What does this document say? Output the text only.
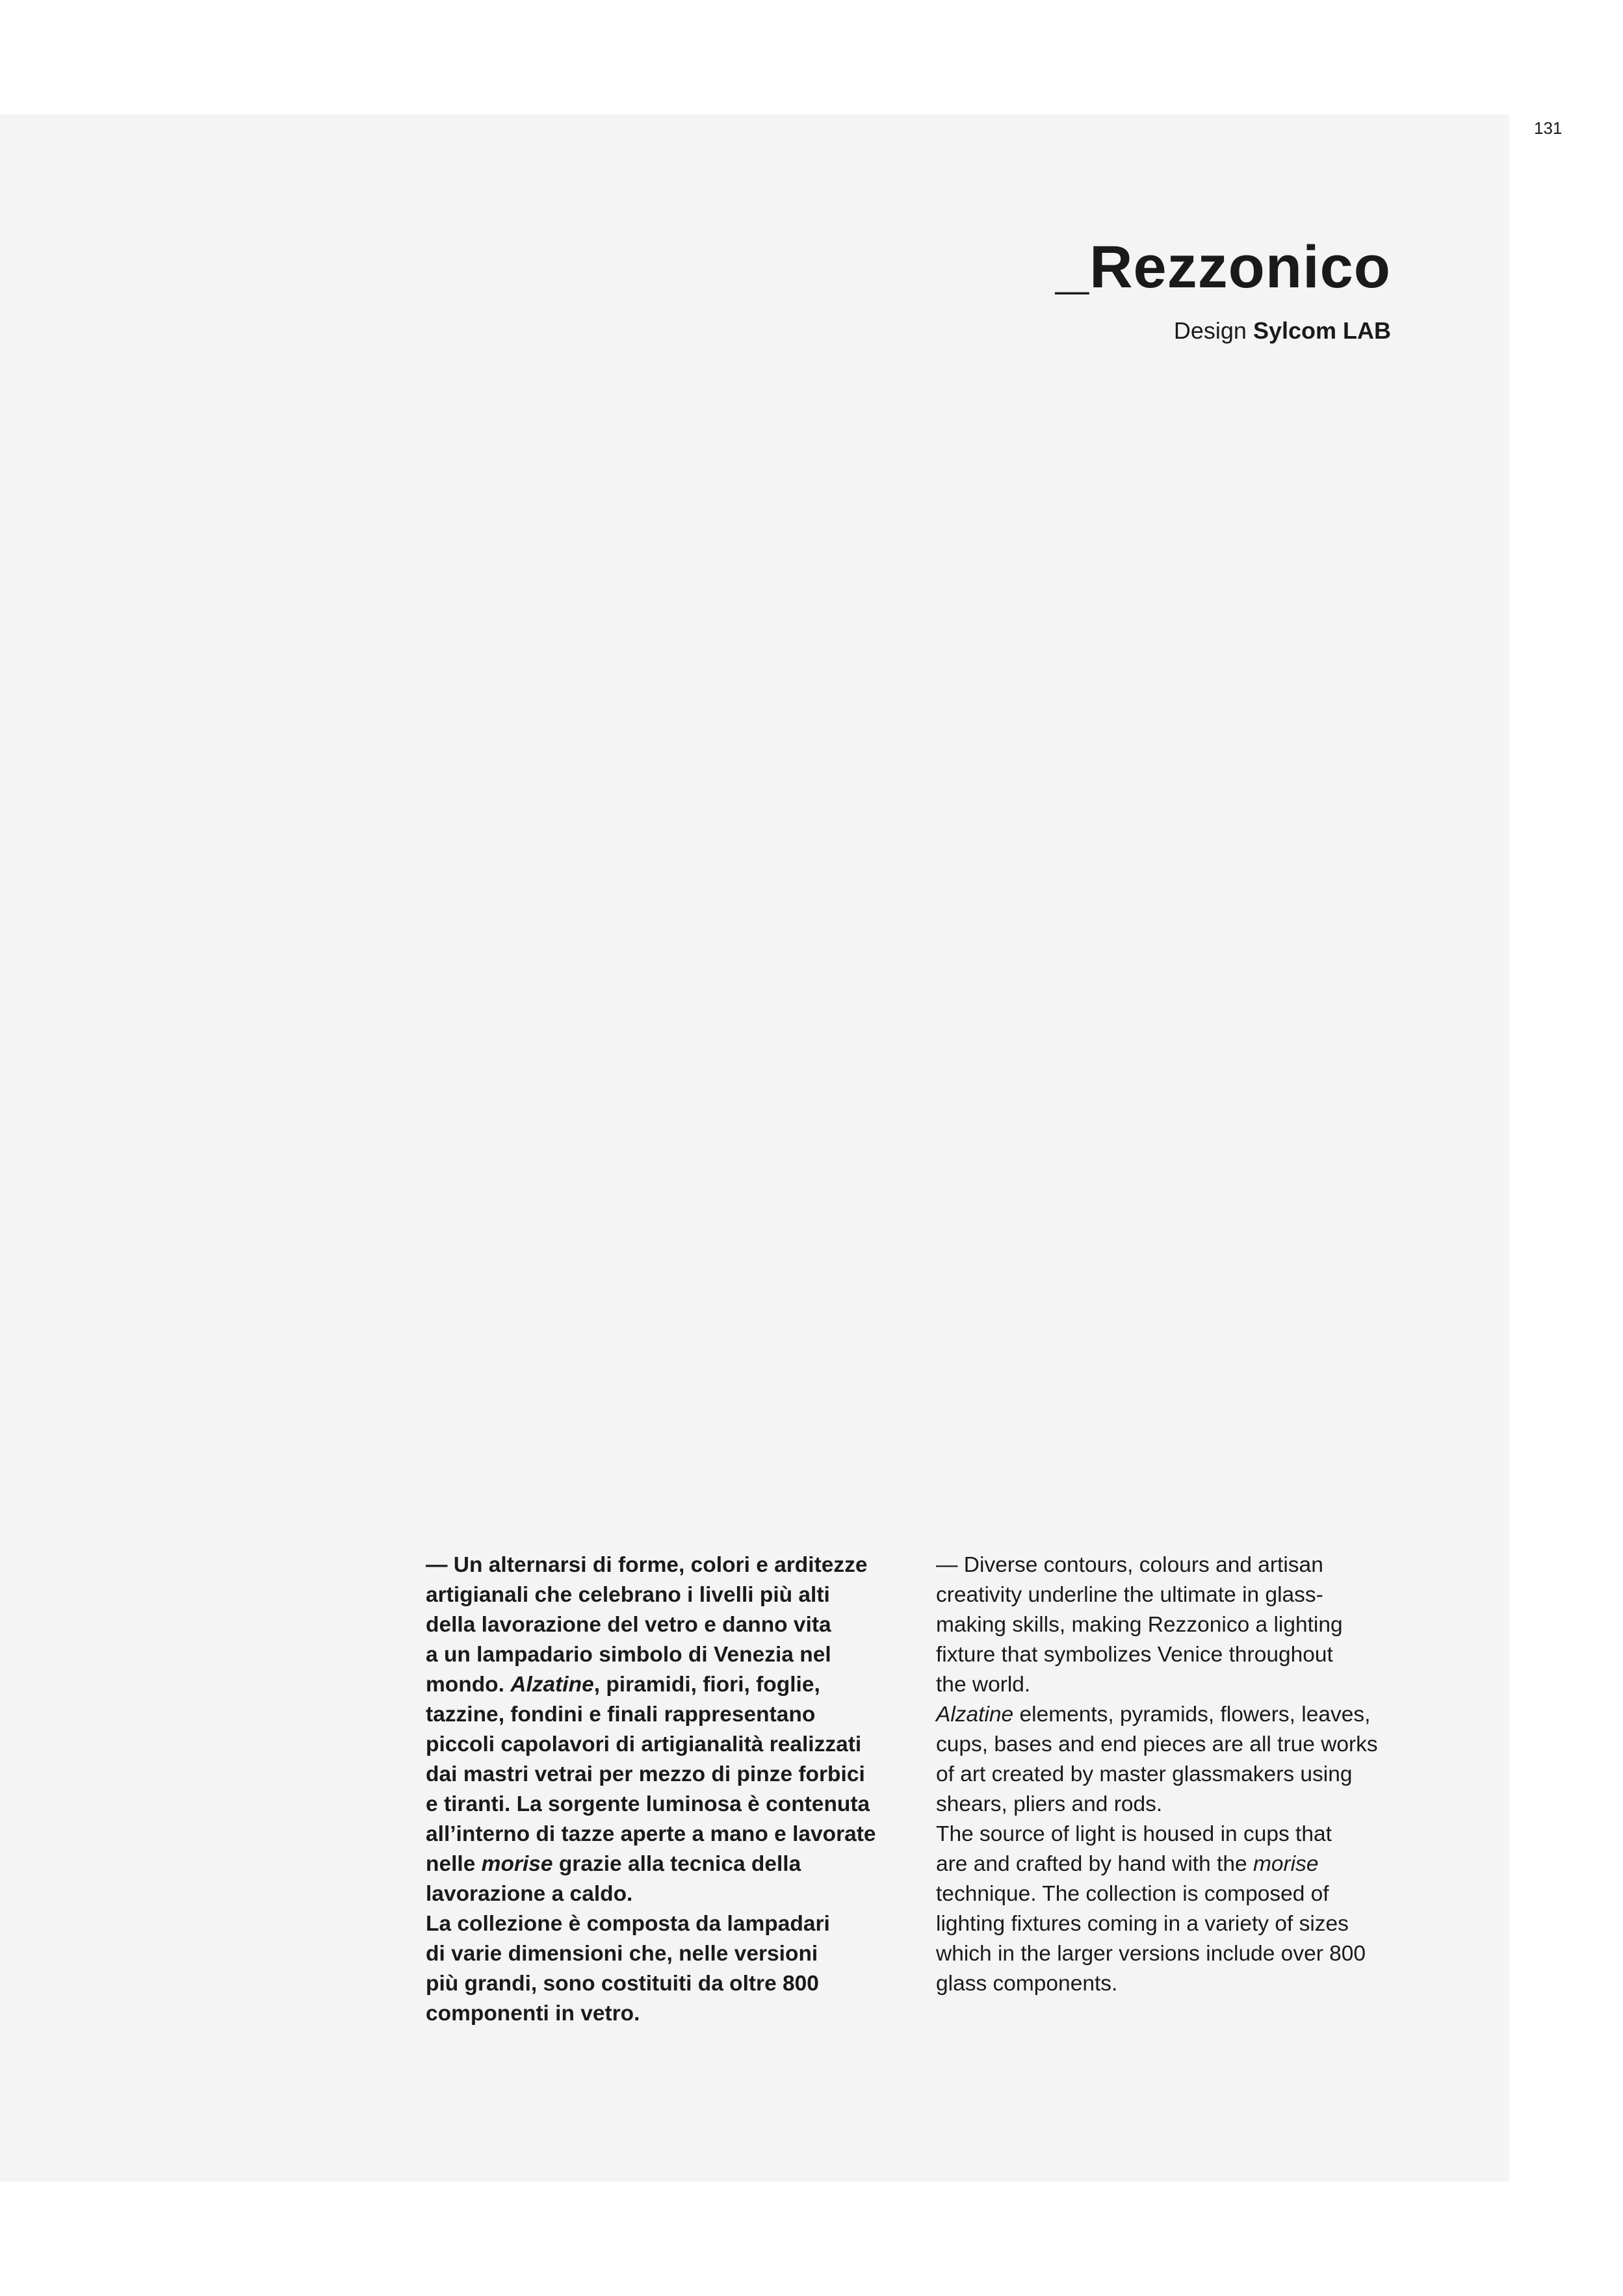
131
_Rezzonico
Design Sylcom LAB
— Un alternarsi di forme, colori e arditezze
artigianali che celebrano i livelli più alti
della lavorazione del vetro e danno vita
a un lampadario simbolo di Venezia nel
mondo. Alzatine, piramidi, fiori, foglie,
tazzine, fondini e finali rappresentano
piccoli capolavori di artigianalità realizzati
dai mastri vetrai per mezzo di pinze forbici
e tiranti. La sorgente luminosa è contenuta
all’interno di tazze aperte a mano e lavorate
nelle morise grazie alla tecnica della
lavorazione a caldo.
La collezione è composta da lampadari
di varie dimensioni che, nelle versioni
più grandi, sono costituiti da oltre 800
componenti in vetro.
— Diverse contours, colours and artisan
creativity underline the ultimate in glass-
making skills, making Rezzonico a lighting
fixture that symbolizes Venice throughout
the world.
Alzatine elements, pyramids, flowers, leaves,
cups, bases and end pieces are all true works
of art created by master glassmakers using
shears, pliers and rods.
The source of light is housed in cups that
are and crafted by hand with the morise
technique. The collection is composed of
lighting fixtures coming in a variety of sizes
which in the larger versions include over 800
glass components.
